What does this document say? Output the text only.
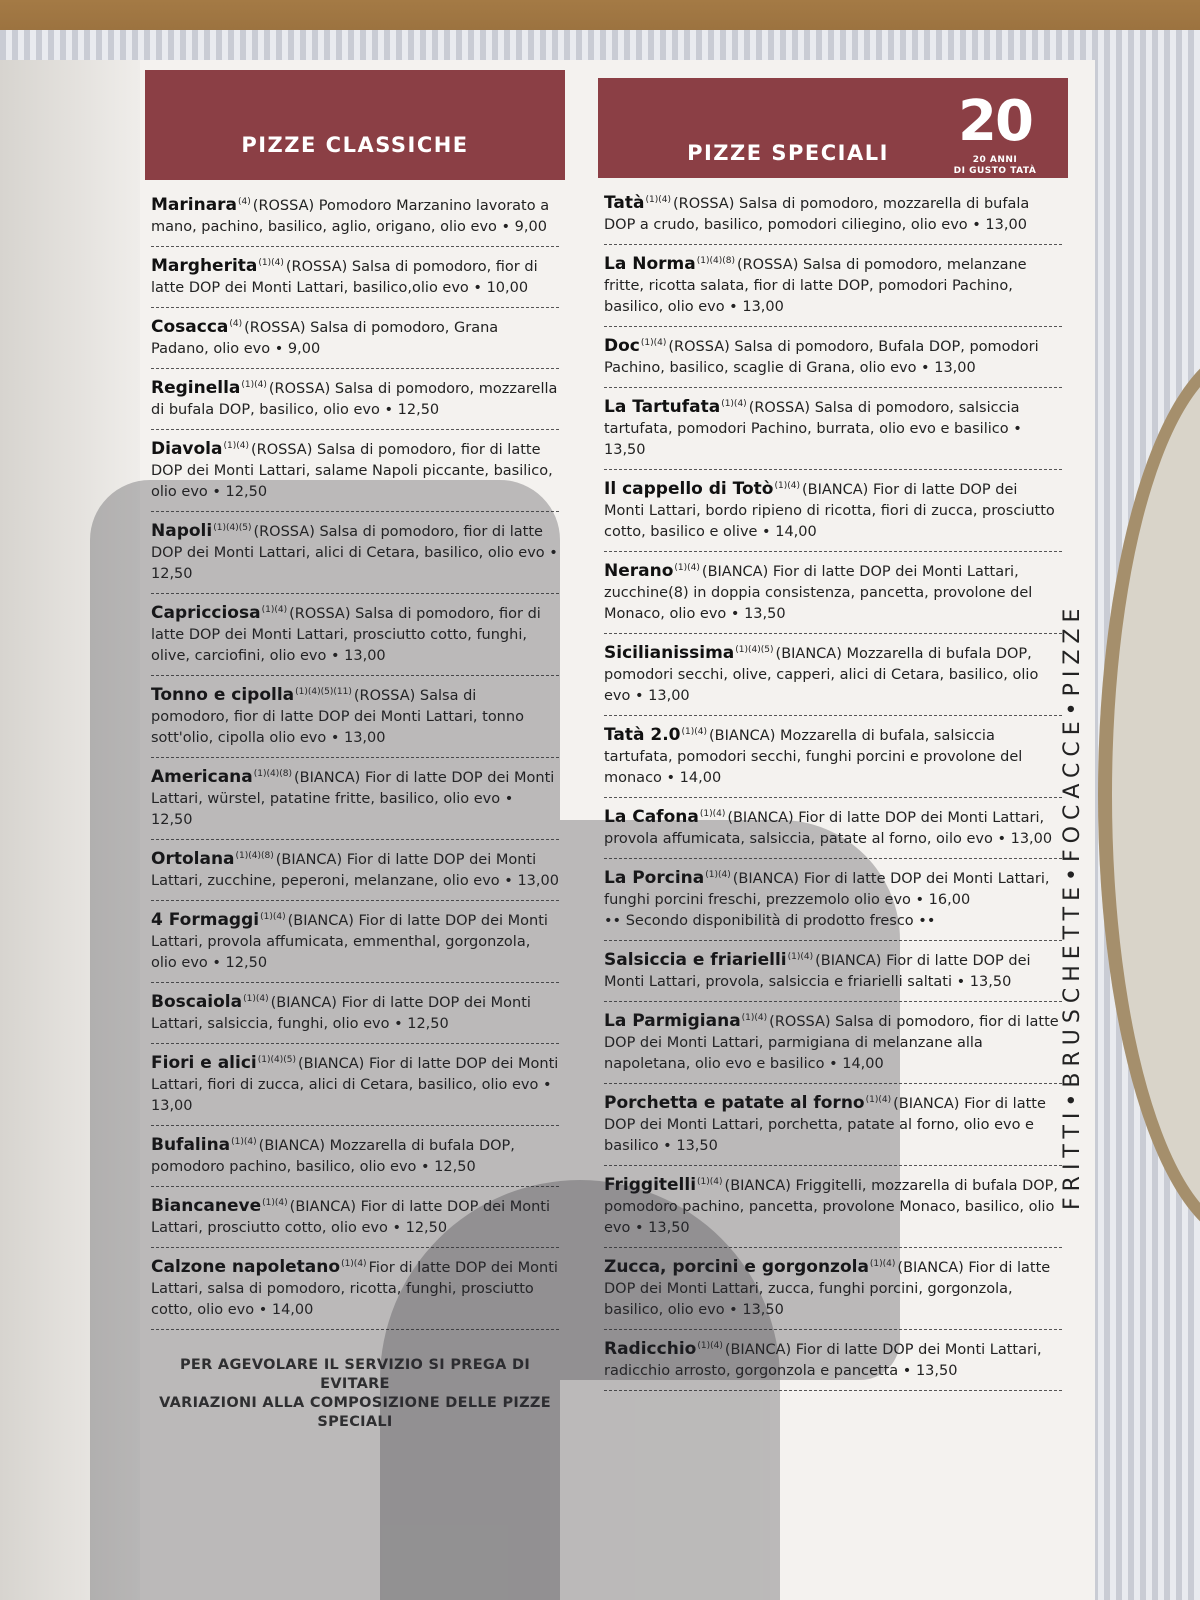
PIZZE CLASSICHE
Marinara$^{(4)}$ (ROSSA) Pomodoro Marzanino lavorato a mano, pachino, basilico, aglio, origano, olio evo • 9,00
Margherita$^{(1)(4)}$ (ROSSA) Salsa di pomodoro, fior di latte DOP dei Monti Lattari, basilico,olio evo • 10,00
Cosacca$^{(4)}$ (ROSSA) Salsa di pomodoro, Grana Padano, olio evo • 9,00
Reginella$^{(1)(4)}$ (ROSSA) Salsa di pomodoro, mozzarella di bufala DOP, basilico, olio evo • 12,50
Diavola$^{(1)(4)}$ (ROSSA) Salsa di pomodoro, fior di latte DOP dei Monti Lattari, salame Napoli piccante, basilico, olio evo • 12,50
Napoli$^{(1)(4)(5)}$ (ROSSA) Salsa di pomodoro, fior di latte DOP dei Monti Lattari, alici di Cetara, basilico, olio evo • 12,50
Capricciosa$^{(1)(4)}$ (ROSSA) Salsa di pomodoro, fior di latte DOP dei Monti Lattari, prosciutto cotto, funghi, olive, carciofini, olio evo • 13,00
Tonno e cipolla$^{(1)(4)(5)(11)}$ (ROSSA) Salsa di pomodoro, fior di latte DOP dei Monti Lattari, tonno sott'olio, cipolla olio evo • 13,00
Americana$^{(1)(4)(8)}$ (BIANCA) Fior di latte DOP dei Monti Lattari, würstel, patatine fritte, basilico, olio evo • 12,50
Ortolana$^{(1)(4)(8)}$ (BIANCA) Fior di latte DOP dei Monti Lattari, zucchine, peperoni, melanzane, olio evo • 13,00
4 Formaggi$^{(1)(4)}$ (BIANCA) Fior di latte DOP dei Monti Lattari, provola affumicata, emmenthal, gorgonzola, olio evo • 12,50
Boscaiola$^{(1)(4)}$ (BIANCA) Fior di latte DOP dei Monti Lattari, salsiccia, funghi, olio evo • 12,50
Fiori e alici$^{(1)(4)(5)}$ (BIANCA) Fior di latte DOP dei Monti Lattari, fiori di zucca, alici di Cetara, basilico, olio evo • 13,00
Bufalina$^{(1)(4)}$ (BIANCA) Mozzarella di bufala DOP, pomodoro pachino, basilico, olio evo • 12,50
Biancaneve$^{(1)(4)}$ (BIANCA) Fior di latte DOP dei Monti Lattari, prosciutto cotto, olio evo • 12,50
Calzone napoletano$^{(1)(4)}$ Fior di latte DOP dei Monti Lattari, salsa di pomodoro, ricotta, funghi, prosciutto cotto, olio evo • 14,00
PER AGEVOLARE IL SERVIZIO SI PREGA DI EVITARE
VARIAZIONI ALLA COMPOSIZIONE DELLE PIZZE SPECIALI
PIZZE SPECIALI	20
20 ANNI
DI GUSTO TATÀ
Tatà$^{(1)(4)}$ (ROSSA) Salsa di pomodoro, mozzarella di bufala DOP a crudo, basilico, pomodori ciliegino, olio evo • 13,00
La Norma$^{(1)(4)(8)}$ (ROSSA) Salsa di pomodoro, melanzane fritte, ricotta salata, fior di latte DOP, pomodori Pachino, basilico, olio evo • 13,00
Doc$^{(1)(4)}$ (ROSSA) Salsa di pomodoro, Bufala DOP, pomodori Pachino, basilico, scaglie di Grana, olio evo • 13,00
La Tartufata$^{(1)(4)}$ (ROSSA) Salsa di pomodoro, salsiccia tartufata, pomodori Pachino, burrata, olio evo e basilico • 13,50
Il cappello di Totò$^{(1)(4)}$ (BIANCA) Fior di latte DOP dei Monti Lattari, bordo ripieno di ricotta, fiori di zucca, prosciutto cotto, basilico e olive • 14,00
Nerano$^{(1)(4)}$ (BIANCA) Fior di latte DOP dei Monti Lattari, zucchine(8) in doppia consistenza, pancetta, provolone del Monaco, olio evo • 13,50
Sicilianissima$^{(1)(4)(5)}$ (BIANCA) Mozzarella di bufala DOP, pomodori secchi, olive, capperi, alici di Cetara, basilico, olio evo • 13,00
Tatà $2.0^{(1)(4)}$ (BIANCA) Mozzarella di bufala, salsiccia tartufata, pomodori secchi, funghi porcini e provolone del monaco • 14,00
La Cafona$^{(1)(4)}$ (BIANCA) Fior di latte DOP dei Monti Lattari, provola affumicata, salsiccia, patate al forno, oilo evo • 13,00
La Porcina$^{(1)(4)}$ (BIANCA) Fior di latte DOP dei Monti Lattari, funghi porcini freschi, prezzemolo olio evo • 16,00
•• Secondo disponibilità di prodotto fresco ••
Salsiccia e friarielli$^{(1)(4)}$ (BIANCA) Fior di latte DOP dei Monti Lattari, provola, salsiccia e friarielli saltati • 13,50
La Parmigiana$^{(1)(4)}$ (ROSSA) Salsa di pomodoro, fior di latte DOP dei Monti Lattari, parmigiana di melanzane alla napoletana, olio evo e basilico • 14,00
Porchetta e patate al forno$^{(1)(4)}$ (BIANCA) Fior di latte DOP dei Monti Lattari, porchetta, patate al forno, olio evo e basilico • 13,50
Friggitelli$^{(1)(4)}$ (BIANCA) Friggitelli, mozzarella di bufala DOP, pomodoro pachino, pancetta, provolone Monaco, basilico, olio evo • 13,50
Zucca, porcini e gorgonzola$^{(1)(4)}$ (BIANCA) Fior di latte DOP dei Monti Lattari, zucca, funghi porcini, gorgonzola, basilico, olio evo • 13,50
Radicchio$^{(1)(4)}$ (BIANCA) Fior di latte DOP dei Monti Lattari, radicchio arrosto, gorgonzola e pancetta • 13,50
FRITTI•BRUSCHETTE•FOCACCE•PIZZE
